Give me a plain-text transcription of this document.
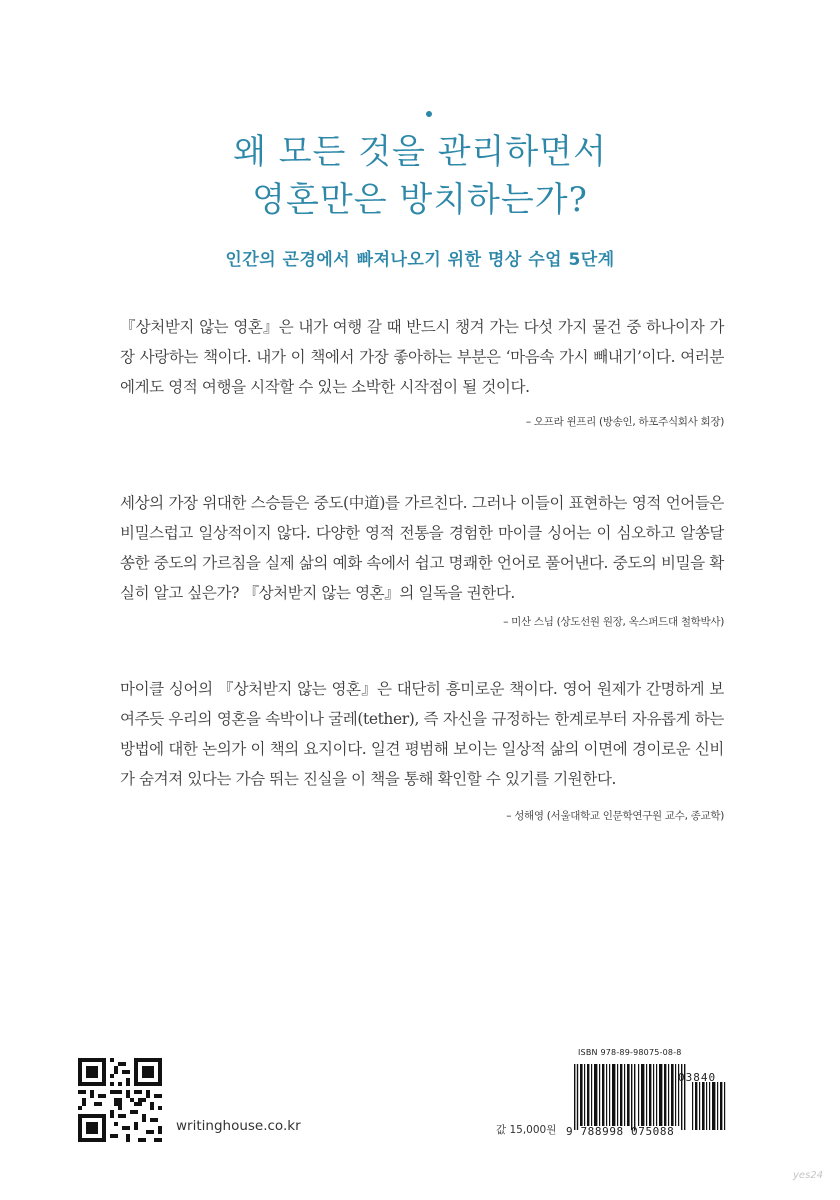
왜 모든 것을 관리하면서
영혼만은 방치하는가?
인간의 곤경에서 빠져나오기 위한 명상 수업 5단계
『상처받지 않는 영혼』은 내가 여행 갈 때 반드시 챙겨 가는 다섯 가지 물건 중 하나이자 가장 사랑하는 책이다. 내가 이 책에서 가장 좋아하는 부분은 ‘마음속 가시 빼내기’이다. 여러분에게도 영적 여행을 시작할 수 있는 소박한 시작점이 될 것이다.
– 오프라 윈프리 (방송인, 하포주식회사 회장)
세상의 가장 위대한 스승들은 중도(中道)를 가르친다. 그러나 이들이 표현하는 영적 언어들은 비밀스럽고 일상적이지 않다. 다양한 영적 전통을 경험한 마이클 싱어는 이 심오하고 알쏭달쏭한 중도의 가르침을 실제 삶의 예화 속에서 쉽고 명쾌한 언어로 풀어낸다. 중도의 비밀을 확실히 알고 싶은가? 『상처받지 않는 영혼』의 일독을 권한다.
– 미산 스님 (상도선원 원장, 옥스퍼드대 철학박사)
마이클 싱어의 『상처받지 않는 영혼』은 대단히 흥미로운 책이다. 영어 원제가 간명하게 보여주듯 우리의 영혼을 속박이나 굴레(tether), 즉 자신을 규정하는 한계로부터 자유롭게 하는 방법에 대한 논의가 이 책의 요지이다. 일견 평범해 보이는 일상적 삶의 이면에 경이로운 신비가 숨겨져 있다는 가슴 뛰는 진실을 이 책을 통해 확인할 수 있기를 기원한다.
– 성해영 (서울대학교 인문학연구원 교수, 종교학)
writinghouse.co.kr	값 15,000원
ISBN 978-89-98075-08-8
03840
9 788998 075088
yes24
